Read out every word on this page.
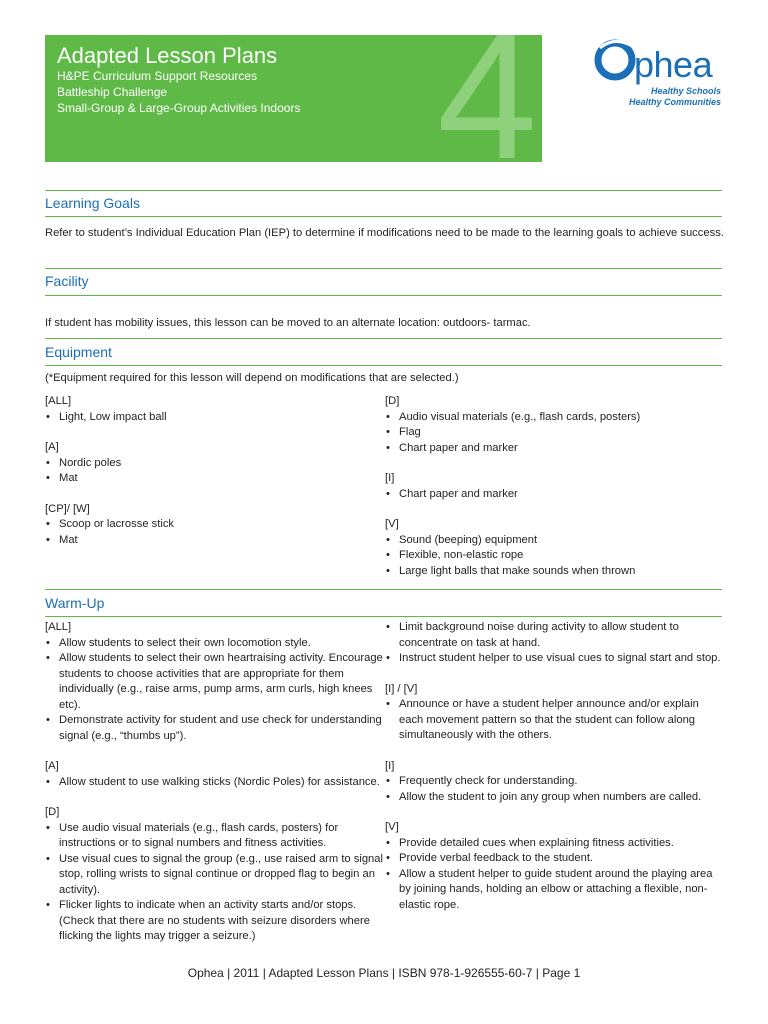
4
Adapted Lesson Plans
H&PE Curriculum Support Resources
Battleship Challenge
Small-Group & Large-Group Activities Indoors
phea
Healthy Schools
Healthy Communities
Learning Goals
Refer to student’s Individual Education Plan (IEP) to determine if modifications need to be made to the learning goals to achieve success.
Facility
If student has mobility issues, this lesson can be moved to an alternate location: outdoors- tarmac.
Equipment
(*Equipment required for this lesson will depend on modifications that are selected.)
[ALL]
• Light, Low impact ball
[A]
• Nordic poles
• Mat
[CP]/ [W]
• Scoop or lacrosse stick
• Mat
[D]
• Audio visual materials (e.g., flash cards, posters)
• Flag
• Chart paper and marker
[I]
• Chart paper and marker
[V]
• Sound (beeping) equipment
• Flexible, non-elastic rope
• Large light balls that make sounds when thrown
Warm-Up
[ALL]
• Allow students to select their own locomotion style.
• Allow students to select their own heartraising activity. Encourage students to choose activities that are appropriate for them individually (e.g., raise arms, pump arms, arm curls, high knees etc).
• Demonstrate activity for student and use check for understanding signal (e.g., “thumbs up”).
[A]
• Allow student to use walking sticks (Nordic Poles) for assistance.
[D]
• Use audio visual materials (e.g., flash cards, posters) for instructions or to signal numbers and fitness activities.
• Use visual cues to signal the group (e.g., use raised arm to signal stop, rolling wrists to signal continue or dropped flag to begin an activity).
• Flicker lights to indicate when an activity starts and/or stops. (Check that there are no students with seizure disorders where flicking the lights may trigger a seizure.)
• Limit background noise during activity to allow student to concentrate on task at hand.
• Instruct student helper to use visual cues to signal start and stop.
[I] / [V]
• Announce or have a student helper announce and/or explain each movement pattern so that the student can follow along simultaneously with the others.
[I]
• Frequently check for understanding.
• Allow the student to join any group when numbers are called.
[V]
• Provide detailed cues when explaining fitness activities.
• Provide verbal feedback to the student.
• Allow a student helper to guide student around the playing area by joining hands, holding an elbow or attaching a flexible, non-elastic rope.
Ophea | 2011 | Adapted Lesson Plans | ISBN 978-1-926555-60-7 | Page 1
